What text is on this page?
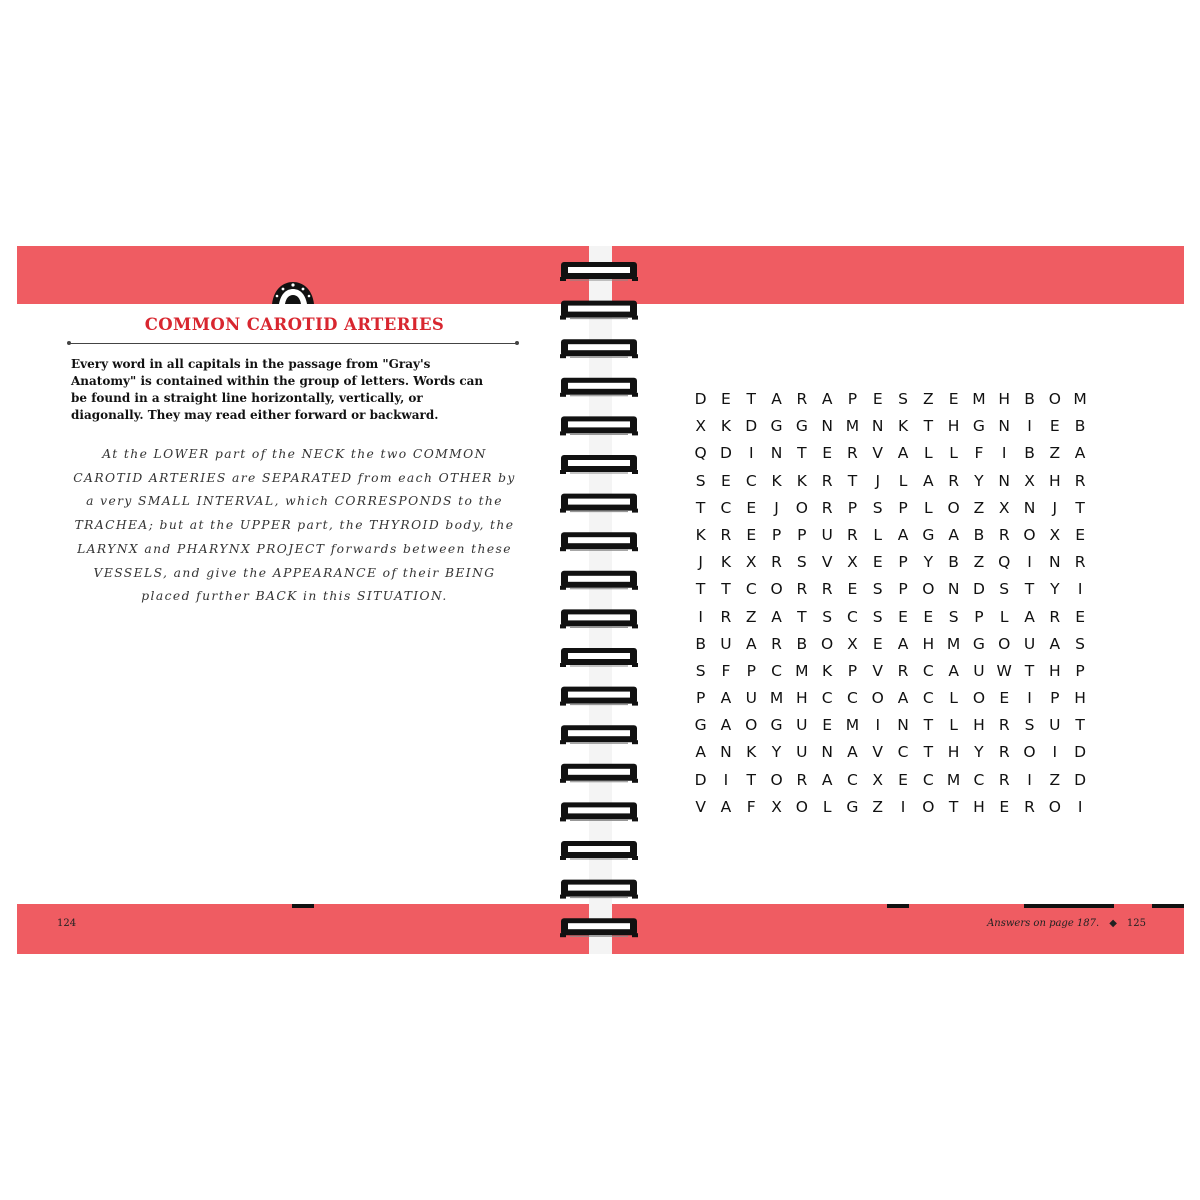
COMMON CAROTID ARTERIES
Every word in all capitals in the passage from "Gray's Anatomy" is contained within the group of letters. Words can be found in a straight line horizontally, vertically, or diagonally. They may read either forward or backward.
At the LOWER part of the NECK the two COMMON CAROTID ARTERIES are SEPARATED from each OTHER by a very SMALL INTERVAL, which CORRESPONDS to the TRACHEA; but at the UPPER part, the THYROID body, the LARYNX and PHARYNX PROJECT forwards between these VESSELS, and give the APPEARANCE of their BEING placed further BACK in this SITUATION.
124
D E	T A R A P	E S Z E M H B O M
X K D G G N M N K T H G N	I	E B
Q D	I	N T	E R V A	L	L	F	I	B Z A
S E C K K R T	J	L	A R Y N X H R
T C E	J	O R P	S	P	L O Z X N	J	T
K R E	P	P U R	L	A G A B R O X E
J	K X R S V X E	P	Y B Z Q	I	N R
T	T C O R R E S	P O N D S	T	Y	I
I	R Z A T	S C S E	E S	P	L	A R E
B U A R B O X E A H M G O U A S
S	F	P C M K	P V R C A U W T H P
P A U M H C C O A C	L O E	I	P H
G A O G U E M	I	N T	L H R S U T
A N K Y U N A V C T H Y R O	I	D
D	I	T O R A C X E C M C R	I	Z D
V A	F	X O L G Z	I	O T H E R O	I
Answers on page 187. ◆ 125
